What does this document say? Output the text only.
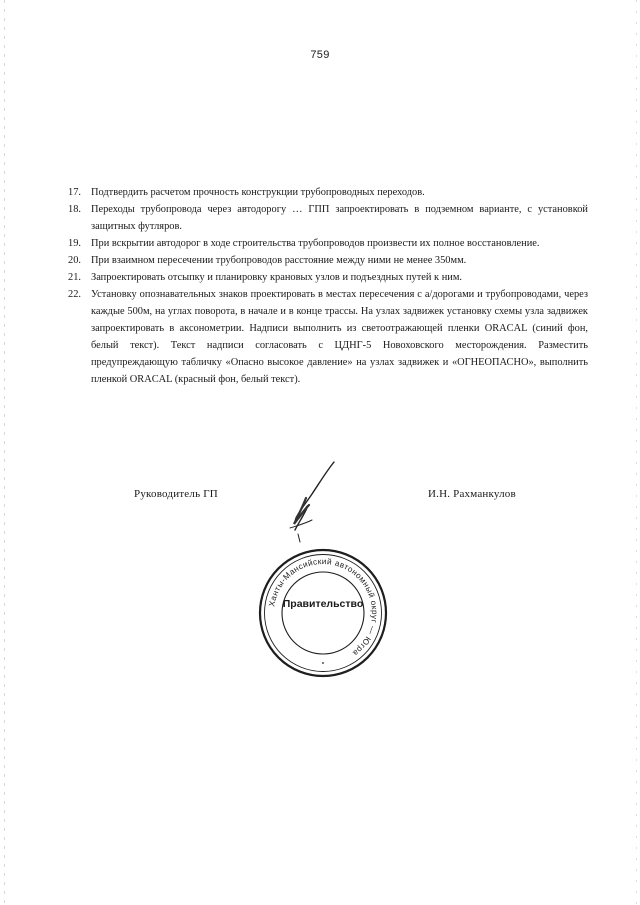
759
17. Подтвердить расчетом прочность конструкции трубопроводных переходов.
18. Переходы трубопровода через автодорогу … ГПП запроектировать в подземном варианте, с установкой защитных футляров.
19. При вскрытии автодорог в ходе строительства трубопроводов произвести их полное восстановление.
20. При взаимном пересечении трубопроводов расстояние между ними не менее 350мм.
21. Запроектировать отсыпку и планировку крановых узлов и подъездных путей к ним.
22. Установку опознавательных знаков проектировать в местах пересечения с а/дорогами и трубопроводами, через каждые 500м, на углах поворота, в начале и в конце трассы. На узлах задвижек установку схемы узла задвижек запроектировать в аксонометрии. Надписи выполнить из светоотражающей пленки ORACAL (синий фон, белый текст). Текст надписи согласовать с ЦДНГ-5 Новоховского месторождения. Разместить предупреждающую табличку «Опасно высокое давление» на узлах задвижек и «ОГНЕОПАСНО», выполнить пленкой ORACAL (красный фон, белый текст).
Руководитель ГП	И.Н. Рахманкулов
Ханты-Мансийский автономный округ — Югра
Правительство
